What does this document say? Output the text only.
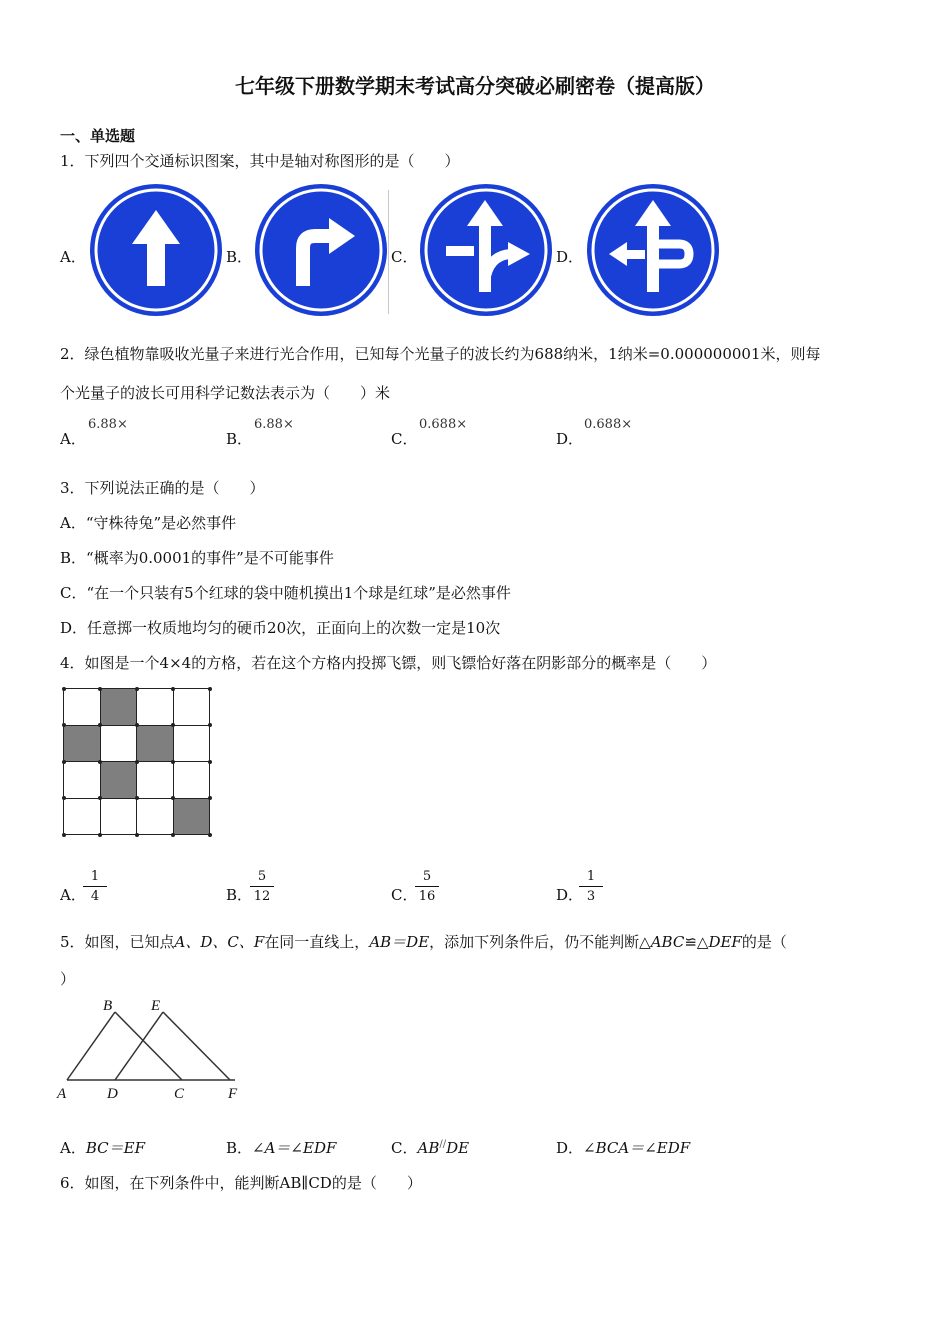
七年级下册数学期末考试高分突破必刷密卷（提高版）
一、单选题
1．下列四个交通标识图案，其中是轴对称图形的是（　　）
A．	B．	C．	D．
2．绿色植物靠吸收光量子来进行光合作用，已知每个光量子的波长约为688纳米，1纳米=0.000000001米，则每
个光量子的波长可用科学记数法表示为（　　）米
A．
6.88×
B．
6.88×
C．
0.688×
D．
0.688×
3．下列说法正确的是（　　）
A．“守株待兔”是必然事件
B．“概率为0.0001的事件”是不可能事件
C．“在一个只装有5个红球的袋中随机摸出1个球是红球”是必然事件
D．任意掷一枚质地均匀的硬币20次，正面向上的次数一定是10次
4．如图是一个4×4的方格，若在这个方格内投掷飞镖，则飞镖恰好落在阴影部分的概率是（　　）
A．
1
4	B．
5
12	C．
5
16	D．
1
3
5．如图，已知点A、D、C、F在同一直线上，AB＝DE，添加下列条件后，仍不能判断△ABC≌△DEF的是（
）
B	E
A	D	C	F
A．BC＝EF	B．∠A＝∠EDF	C．AB//DE	D．∠BCA＝∠EDF
6．如图，在下列条件中，能判断AB∥CD的是（　　）
